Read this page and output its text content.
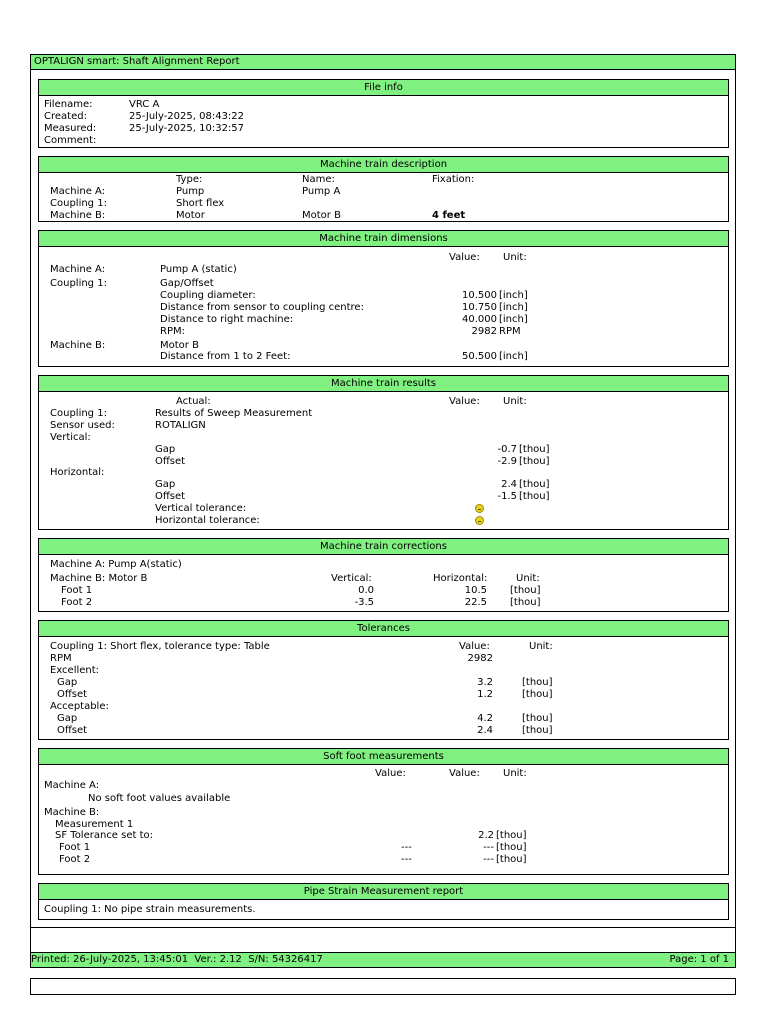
OPTALIGN smart: Shaft Alignment Report
File info
Filename:	VRC A
Created:	25-July-2025, 08:43:22
Measured:	25-July-2025, 10:32:57
Comment:
Machine train description
Type:	Name:	Fixation:
Machine A:	Pump	Pump A
Coupling 1:	Short flex
Machine B:	Motor	Motor B	4 feet
Machine train dimensions
Value: Unit:
Machine A:	Pump A (static)
Coupling 1:	Gap/Offset
Coupling diameter:	10.500 [inch]
Distance from sensor to coupling centre:	10.750 [inch]
Distance to right machine:	40.000 [inch]
RPM:	2982 RPM
Machine B:	Motor B
Distance from 1 to 2 Feet:	50.500 [inch]
Machine train results
Actual:	Value: Unit:
Coupling 1:	Results of Sweep Measurement
Sensor used:	ROTALIGN
Vertical:
Gap	-0.7 [thou]
Offset	-2.9 [thou]
Horizontal:
Gap	2.4 [thou]
Offset	-1.5 [thou]
Vertical tolerance:
Horizontal tolerance:
Machine train corrections
Machine A: Pump A(static)
Machine B: Motor B	Vertical:	Horizontal:	Unit:
Foot 1	0.0	10.5 [thou]
Foot 2	-3.5	22.5 [thou]
Tolerances
Coupling 1: Short flex, tolerance type: Table	Value:	Unit:
RPM	2982
Excellent:
Gap	3.2	[thou]
Offset	1.2	[thou]
Acceptable:
Gap	4.2	[thou]
Offset	2.4	[thou]
Soft foot measurements
Value:	Value: Unit:
Machine A:
No soft foot values available
Machine B:
Measurement 1
SF Tolerance set to:	2.2 [thou]
Foot 1	---	--- [thou]
Foot 2	---	--- [thou]
Pipe Strain Measurement report
Coupling 1: No pipe strain measurements.
Printed: 26-July-2025, 13:45:01  Ver.: 2.12  S/N: 54326417	Page: 1 of 1
